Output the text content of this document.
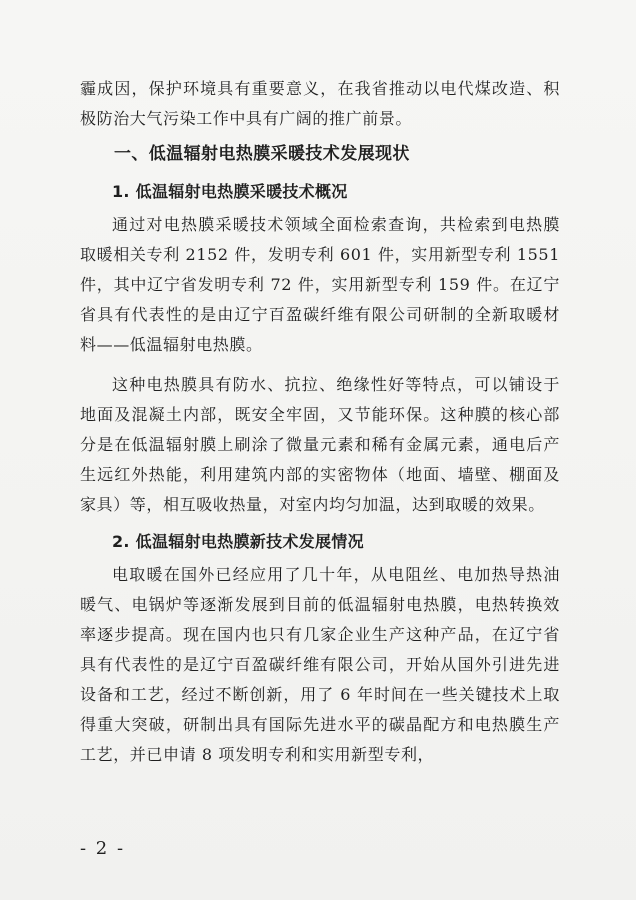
霾成因，保护环境具有重要意义，在我省推动以电代煤改造、积极防治大气污染工作中具有广阔的推广前景。

一、低温辐射电热膜采暖技术发展现状
1. 低温辐射电热膜采暖技术概况

通过对电热膜采暖技术领域全面检索查询，共检索到电热膜取暖相关专利 2152 件，发明专利 601 件，实用新型专利 1551 件，其中辽宁省发明专利 72 件，实用新型专利 159 件。在辽宁省具有代表性的是由辽宁百盈碳纤维有限公司研制的全新取暖材料——低温辐射电热膜。

这种电热膜具有防水、抗拉、绝缘性好等特点，可以铺设于地面及混凝土内部，既安全牢固，又节能环保。这种膜的核心部分是在低温辐射膜上刷涂了微量元素和稀有金属元素，通电后产生远红外热能，利用建筑内部的实密物体（地面、墙壁、棚面及家具）等，相互吸收热量，对室内均匀加温，达到取暖的效果。

2. 低温辐射电热膜新技术发展情况

电取暖在国外已经应用了几十年，从电阻丝、电加热导热油暖气、电锅炉等逐渐发展到目前的低温辐射电热膜，电热转换效率逐步提高。现在国内也只有几家企业生产这种产品，在辽宁省具有代表性的是辽宁百盈碳纤维有限公司，开始从国外引进先进设备和工艺，经过不断创新，用了 6 年时间在一些关键技术上取得重大突破，研制出具有国际先进水平的碳晶配方和电热膜生产工艺，并已申请 8 项发明专利和实用新型专利，

- 2 -
